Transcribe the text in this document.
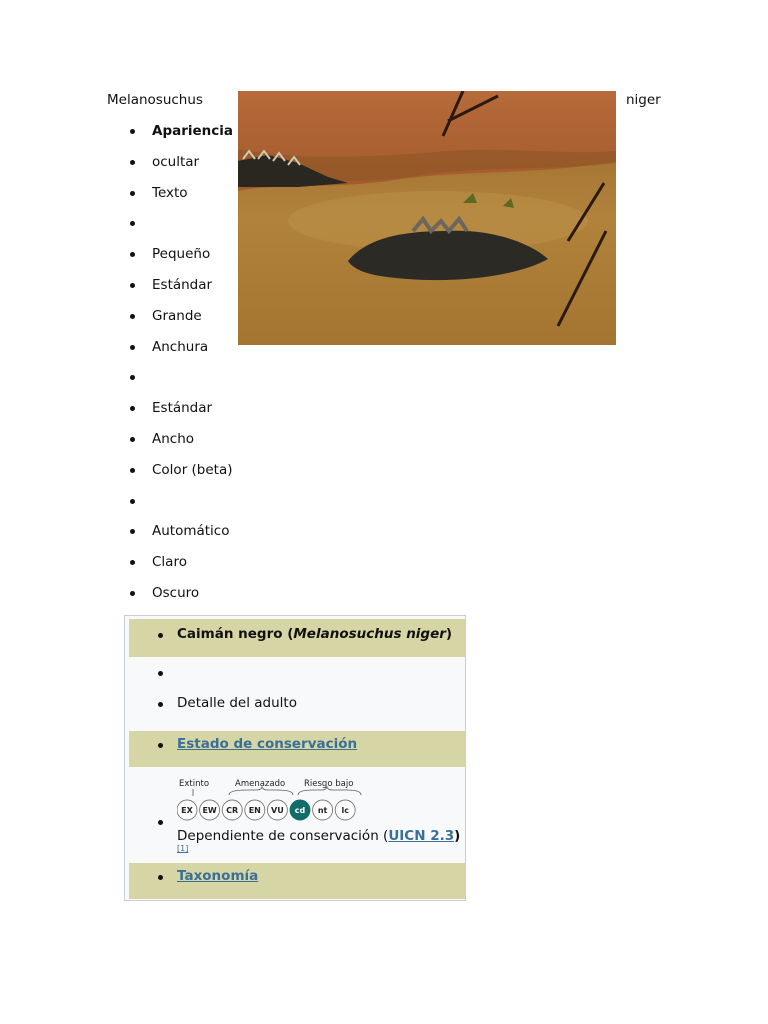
Melanosuchus	niger
Apariencia
ocultar
Texto
Pequeño
Estándar
Grande
Anchura
Estándar
Ancho
Color (beta)
Automático
Claro
Oscuro
Caimán negro (Melanosuchus niger)
Detalle del adulto
Estado de conservación
Extinto	Amenazado Riesgo bajo
EX EW CR EN VU cd nt lc
Dependiente de conservación (UICN 2.3)[1]
Taxonomía
